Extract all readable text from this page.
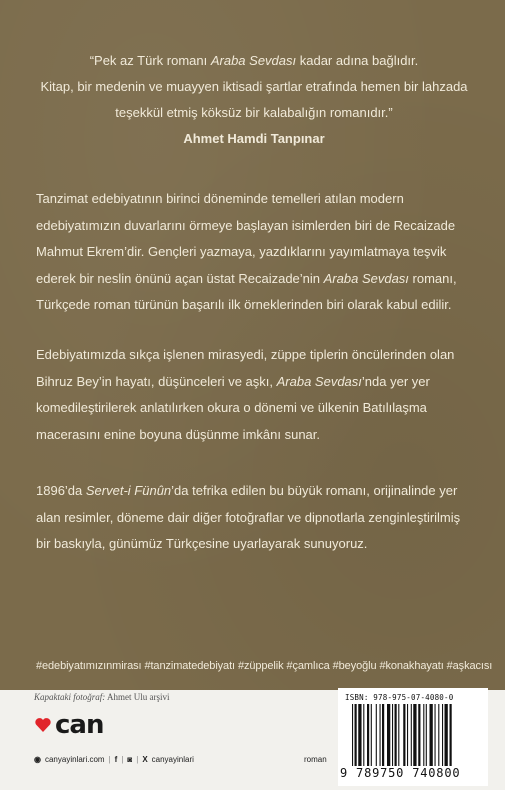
“Pek az Türk romanı Araba Sevdası kadar adına bağlıdır.
Kitap, bir medenin ve muayyen iktisadi şartlar etrafında hemen bir lahzada
teşekkül etmiş köksüz bir kalabalığın romanıdır.”
Ahmet Hamdi Tanpınar

Tanzimat edebiyatının birinci döneminde temelleri atılan modern edebiyatımızın duvarlarını örmeye başlayan isimlerden biri de Recaizade Mahmut Ekrem’dir. Gençleri yazmaya, yazdıklarını yayımlatmaya teşvik ederek bir neslin önünü açan üstat Recaizade’nin Araba Sevdası romanı, Türkçede roman türünün başarılı ilk örneklerinden biri olarak kabul edilir.

Edebiyatımızda sıkça işlenen mirasyedi, züppe tiplerin öncülerinden olan Bihruz Bey’in hayatı, düşünceleri ve aşkı, Araba Sevdası’nda yer yer komedileştirilerek anlatılırken okura o dönemi ve ülkenin Batılılaşma macerasını enine boyuna düşünme imkânı sunar.

1896’da Servet-i Fünûn’da tefrika edilen bu büyük romanı, orijinalinde yer alan resimler, döneme dair diğer fotoğraflar ve dipnotlarla zenginleştirilmiş bir baskıyla, günümüz Türkçesine uyarlayarak sunuyoruz.

#edebiyatımızınmirası #tanzimatedebiyatı #züppelik #çamlıca #beyoğlu #konakhayatı #aşkacısı
Kapaktaki fotoğraf: Ahmet Ulu arşivi
can
◉ canyayinlari.com | f | ◙ | X canyayinlari	roman
ISBN: 978-975-07-4080-0
9 789750 740800
